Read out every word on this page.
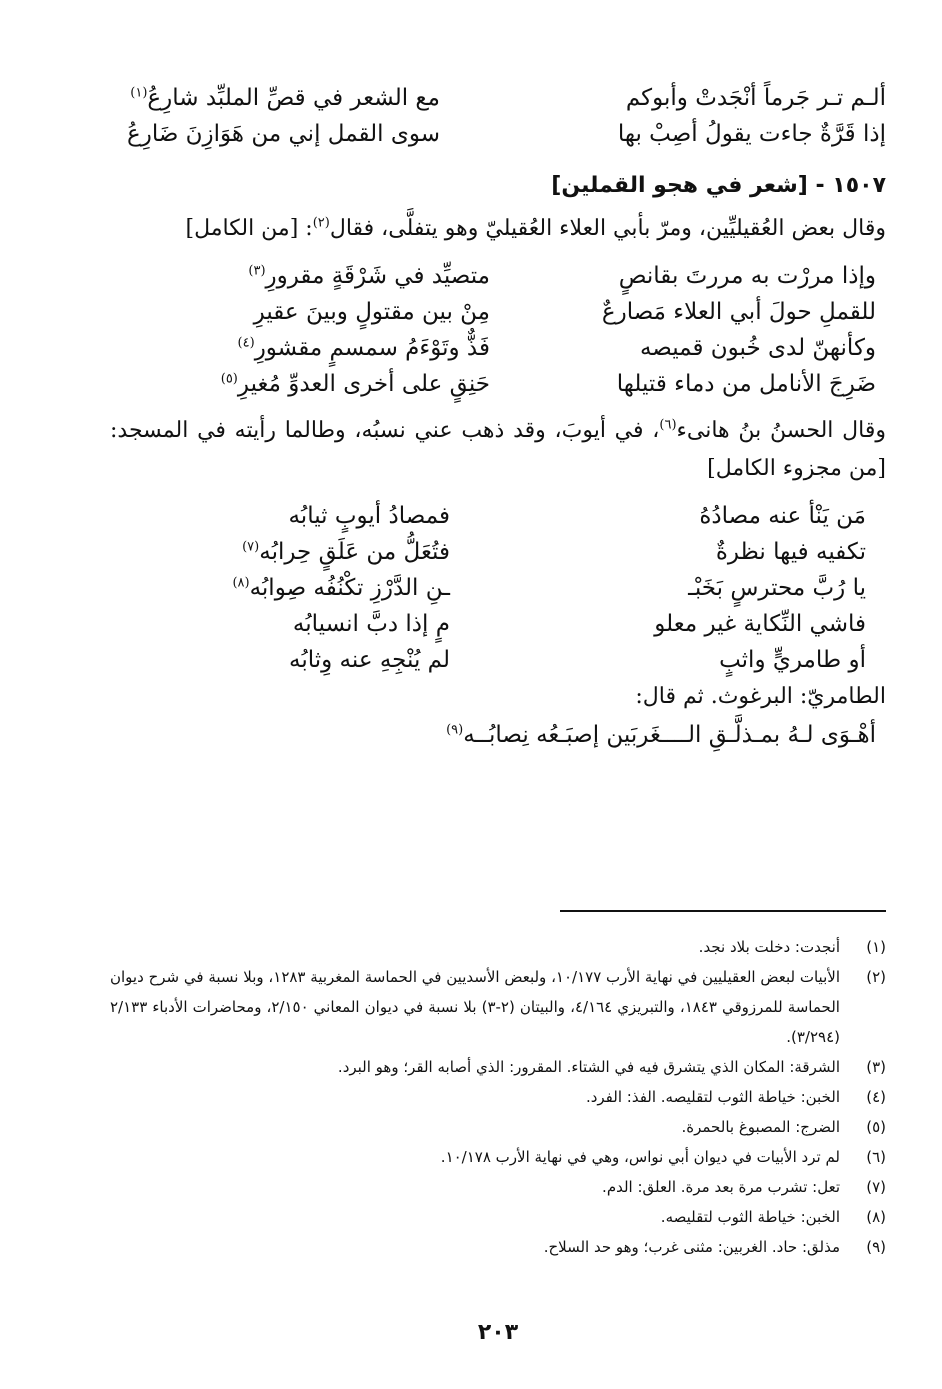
ألـم تـر جَرماً أنْجَدتْ وأبوكم
مع الشعر في قصِّ الملبِّد شارِعُ$^{(١)}$
إذا قَرَّةٌ جاءت يقولُ أصِبْ بها
سوى القمل إني من هَوَازِنَ ضَارِعُ
١٥٠٧ - [شعر في هجو القملين]

وقال بعض العُقيليِّين، ومرّ بأبي العلاء العُقيليّ وهو يتفلَّى، فقال$^{(٢)}$: [من الكامل]

وإذا مررْت به مررتَ بقانصٍ
متصيِّد في شَرْقَةٍ مقرورِ$^{(٣)}$
للقملِ حولَ أبي العلاء مَصارعٌ
مِنْ بين مقتولٍ وبينَ عقيرِ
وكأنهنّ لدى خُبون قميصه
فَذٌّ وتَوْءَمُ سمسمٍ مقشورِ$^{(٤)}$
ضَرِجَ الأنامل من دماء قتيلها
حَنِقٍ على أخرى العدوِّ مُغيرِ$^{(٥)}$

وقال الحسنُ بنُ هانىء$^{(٦)}$، في أيوبَ، وقد ذهب عني نسبُه، وطالما رأيته في المسجد: [من مجزوء الكامل]

مَن يَنْأ عنه مصادُهُ
فمصادُ أيوبٍ ثيابُه
تكفيه فيها نظرةٌ
فتُعَلُّ من عَلَقٍ حِرابُه$^{(٧)}$
يا رُبَّ محترسٍ بَخَبْـ
ـنِ الدَّرْزِ تكْنُفُه صِوابُه$^{(٨)}$
فاشي النِّكاية غير معلو
مٍ إذا دبَّ انسيابُه
أو طامريٍّ واثبٍ
لم يُنْجِهِ عنه وِثابُه
الطامريّ: البرغوث. ثم قال:
أهْـوَى لـهُ بمـذلَّـقِ الــــغَربَين إصبَـعُه نِصابُــه$^{(٩)}$
(١)
أنجدت: دخلت بلاد نجد.
(٢)
الأبيات لبعض العقيليين في نهاية الأرب ١٠/١٧٧، ولبعض الأسديين في الحماسة المغربية ١٢٨٣، وبلا نسبة في شرح ديوان الحماسة للمرزوقي ١٨٤٣، والتبريزي ٤/١٦٤، والبيتان (٢-٣) بلا نسبة في ديوان المعاني ٢/١٥٠، ومحاضرات الأدباء ٢/١٣٣ (٣/٢٩٤).
(٣)
الشرقة: المكان الذي يتشرق فيه في الشتاء. المقرور: الذي أصابه القر؛ وهو البرد.
(٤)
الخبن: خياطة الثوب لتقليصه. الفذ: الفرد.
(٥)
الضرج: المصبوغ بالحمرة.
(٦)
لم ترد الأبيات في ديوان أبي نواس، وهي في نهاية الأرب ١٠/١٧٨.
(٧)
تعل: تشرب مرة بعد مرة. العلق: الدم.
(٨)
الخبن: خياطة الثوب لتقليصه.
(٩)
مذلق: حاد. الغربين: مثنى غرب؛ وهو حد السلاح.
٢٠٣
